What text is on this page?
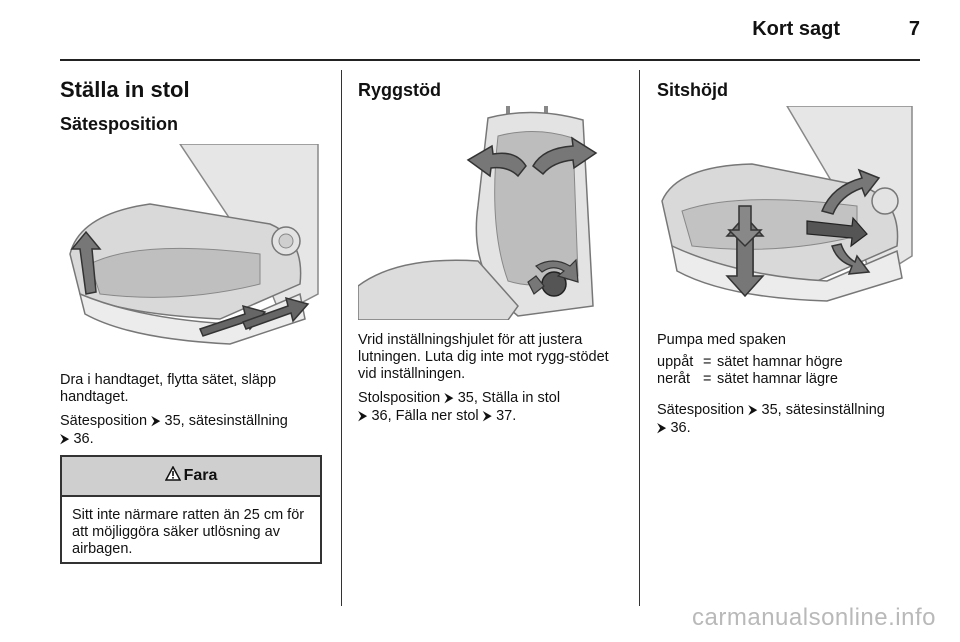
Kort sagt	7
Ställa in stol
Sätesposition

Dra i handtaget, flytta sätet, släpp handtaget.

Sätesposition ⮞ 35, sätesinställning
⮞ 36.

Fara
Sitt inte närmare ratten än 25 cm för att möjliggöra säker utlösning av airbagen.
Ryggstöd

Vrid inställningshjulet för att justera lutningen. Luta dig inte mot rygg-stödet vid inställningen.

Stolsposition ⮞ 35, Ställa in stol
⮞ 36, Fälla ner stol ⮞ 37.

Sitshöjd

Pumpa med spaken

uppåt = sätet hamnar högre
neråt = sätet hamnar lägre

Sätesposition ⮞ 35, sätesinställning
⮞ 36.

carmanualsonline.info
